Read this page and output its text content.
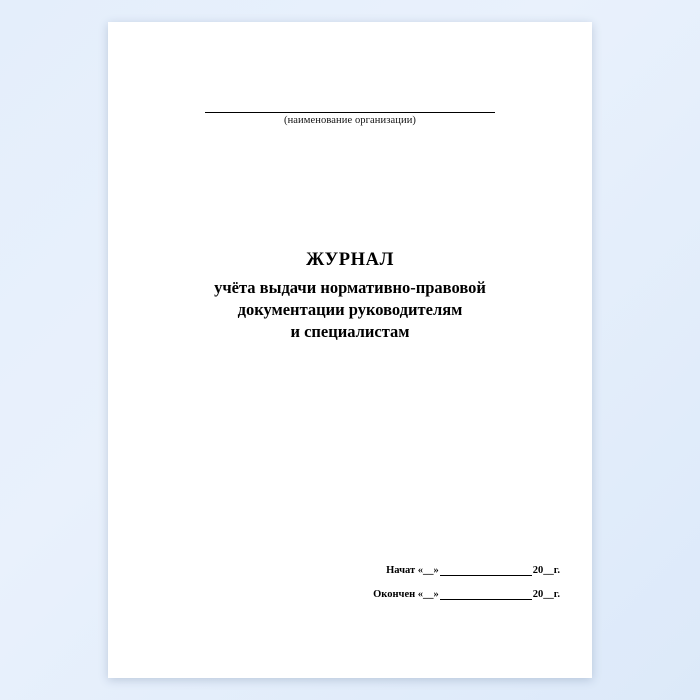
(наименование организации)
ЖУРНАЛ
учёта выдачи нормативно-правовой
документации руководителям
и специалистам
Начат «__»	20__г.
Окончен «__»	20__г.
